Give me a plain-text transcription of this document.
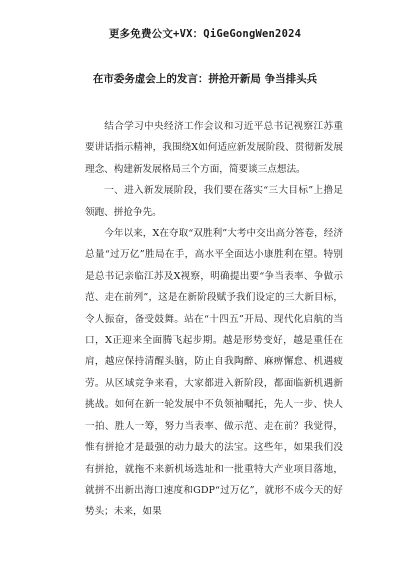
更多免费公文+VX：QiGeGongWen2024
在市委务虚会上的发言：拼抢开新局 争当排头兵

结合学习中央经济工作会议和习近平总书记视察江苏重要讲话指示精神，我围绕X如何适应新发展阶段、贯彻新发展理念、构建新发展格局三个方面，简要谈三点想法。

一、进入新发展阶段，我们要在落实“三大目标”上撸足领跑、拼抢争先。

今年以来，X在夺取“双胜利”大考中交出高分答卷，经济总量“过万亿”胜局在手，高水平全面达小康胜利在望。特别是总书记亲临江苏及X视察，明确提出要“争当表率、争做示范、走在前列”，这是在新阶段赋予我们设定的三大新目标，令人振奋，备受鼓舞。站在“十四五”开局、现代化启航的当口，X正迎来全面腾飞起步期。越是形势变好，越是重任在肩，越应保持清醒头脑，防止自我陶醉、麻痹懈怠、机遇疲劳。从区域竞争来看，大家都进入新阶段，都面临新机遇新挑战。如何在新一轮发展中不负领袖嘱托，先人一步、快人一拍、胜人一筹，努力当表率、做示范、走在前？我觉得，惟有拼抢才是最强的动力最大的法宝。这些年，如果我们没有拼抢，就拖不来新机场选址和一批重特大产业项目落地，就拼不出新出海口速度和GDP“过万亿”，就形不成今天的好势头；未来，如果
